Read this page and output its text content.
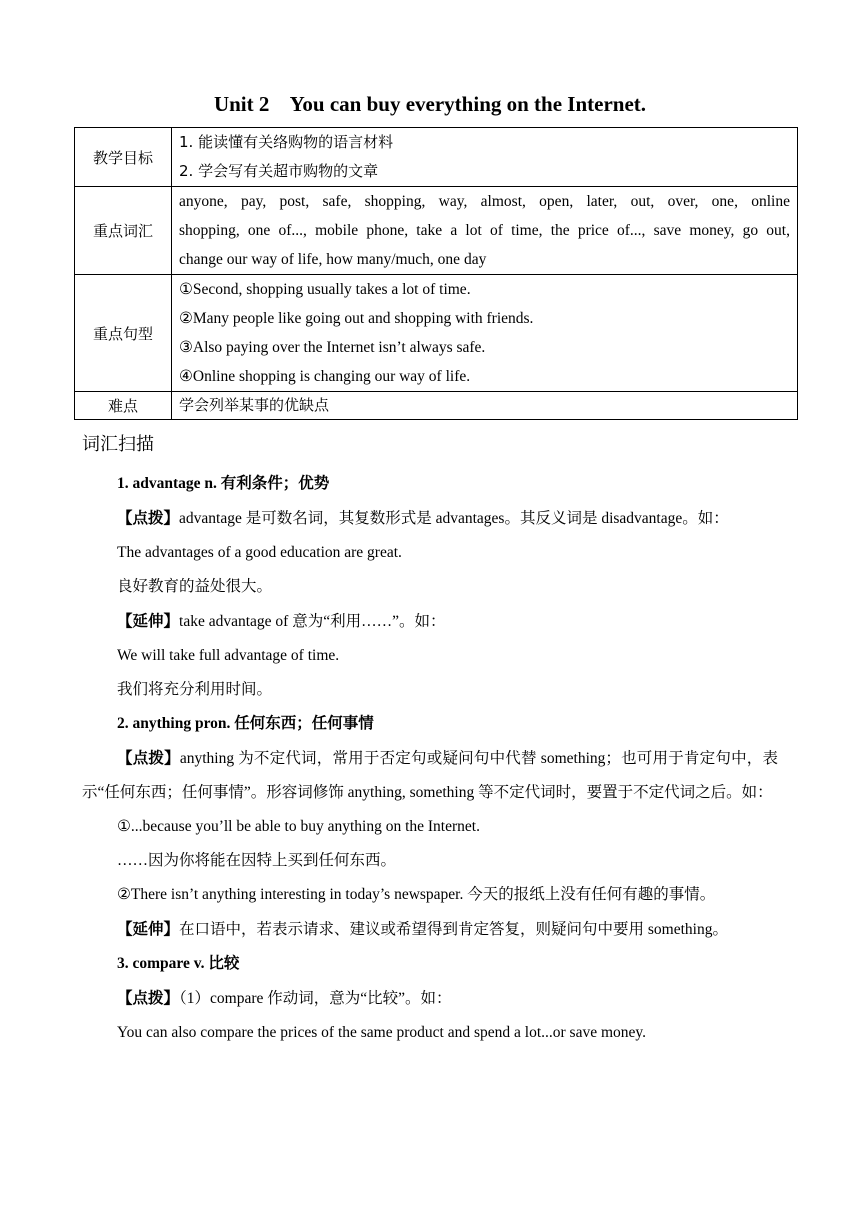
Unit 2    You can buy everything on the Internet.
教学目标	1. 能读懂有关络购物的语言材料
2. 学会写有关超市购物的文章

重点词汇	anyone, pay, post, safe, shopping, way, almost, open, later, out, over, one, online
shopping, one of..., mobile phone, take a lot of time, the price of..., save money, go out,
change our way of life, how many/much, one day

重点句型	①Second, shopping usually takes a lot of time.
②Many people like going out and shopping with friends.
③Also paying over the Internet isn’t always safe.
④Online shopping is changing our way of life.

难点	学会列举某事的优缺点
词汇扫描

1. advantage n. 有利条件；优势

【点拨】advantage 是可数名词，其复数形式是 advantages。其反义词是 disadvantage。如：

The advantages of a good education are great.

良好教育的益处很大。

【延伸】take advantage of 意为“利用……”。如：

We will take full advantage of time.

我们将充分利用时间。

2. anything pron. 任何东西；任何事情

【点拨】anything 为不定代词，常用于否定句或疑问句中代替 something；也可用于肯定句中，表示“任何东西；任何事情”。形容词修饰 anything, something 等不定代词时，要置于不定代词之后。如：

①...because you’ll be able to buy anything on the Internet.

……因为你将能在因特上买到任何东西。

②There isn’t anything interesting in today’s newspaper. 今天的报纸上没有任何有趣的事情。

【延伸】在口语中，若表示请求、建议或希望得到肯定答复，则疑问句中要用 something。

3. compare v. 比较

【点拨】（1）compare 作动词，意为“比较”。如：

You can also compare the prices of the same product and spend a lot...or save money.
